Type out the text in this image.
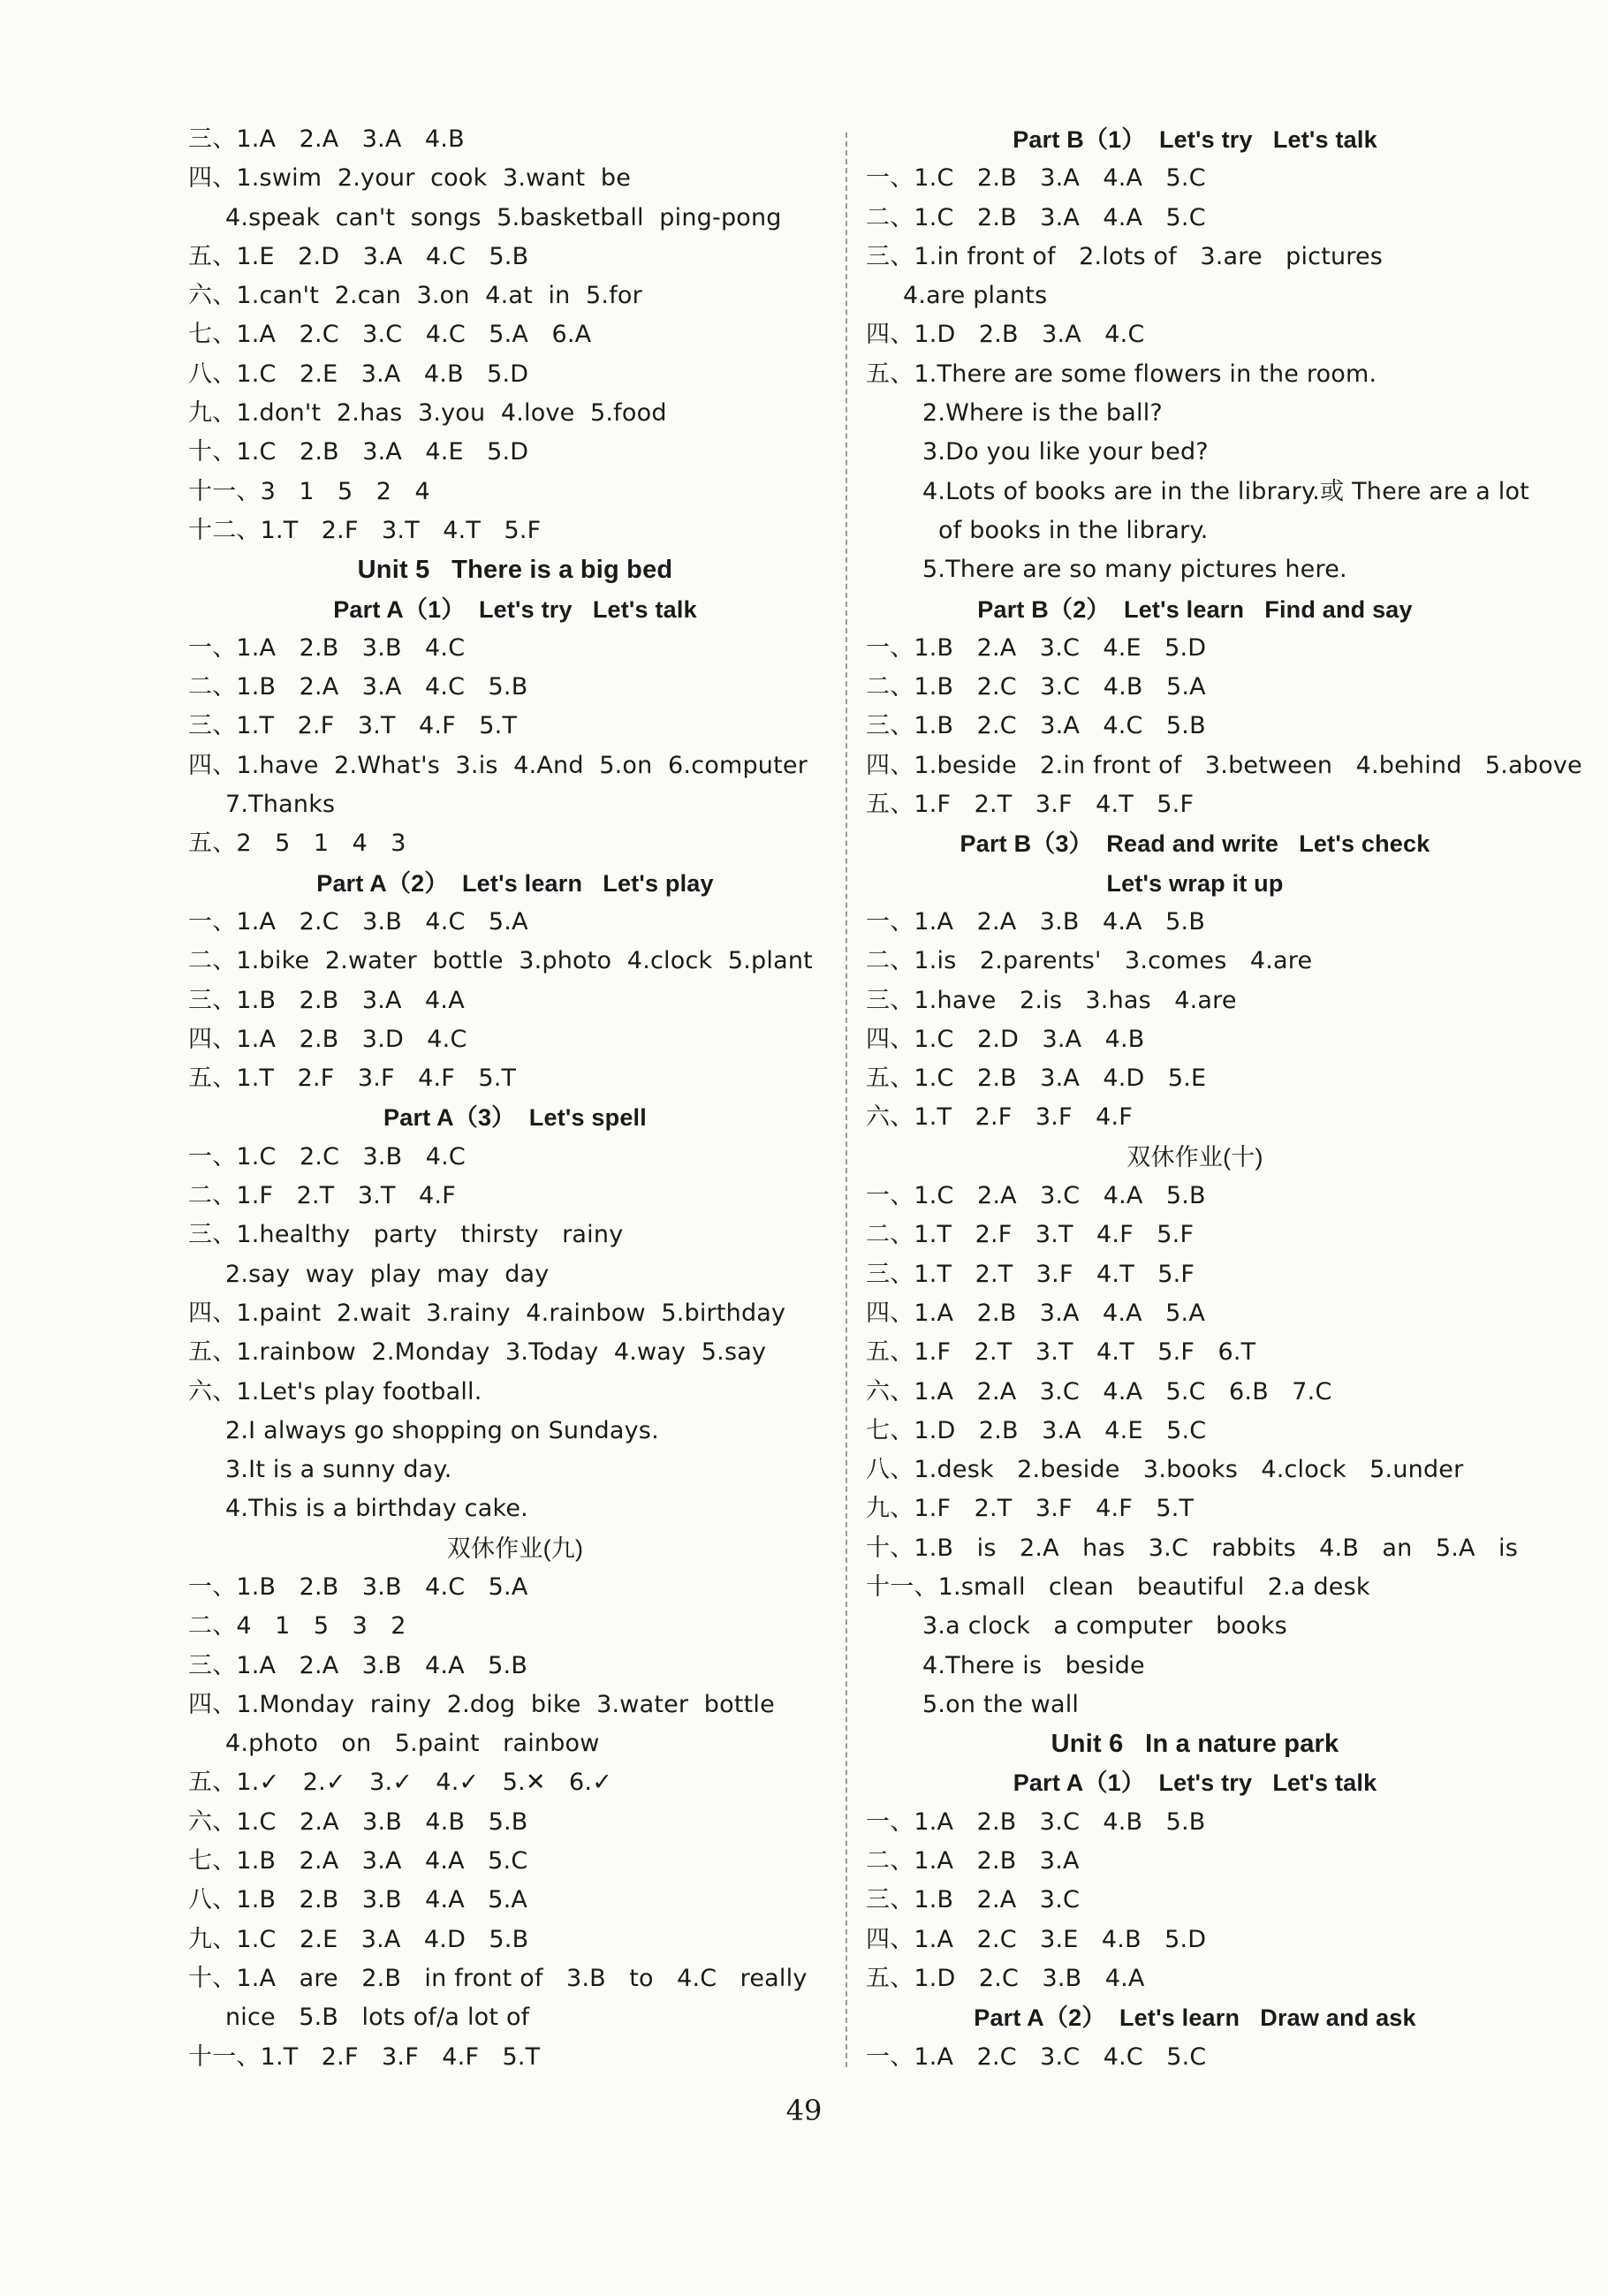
三、1.A   2.A   3.A   4.B
四、1.swim  2.your  cook  3.want  be
4.speak  can't  songs  5.basketball  ping-pong
五、1.E   2.D   3.A   4.C   5.B
六、1.can't  2.can  3.on  4.at  in  5.for
七、1.A   2.C   3.C   4.C   5.A   6.A
八、1.C   2.E   3.A   4.B   5.D
九、1.don't  2.has  3.you  4.love  5.food
十、1.C   2.B   3.A   4.E   5.D
十一、3   1   5   2   4
十二、1.T   2.F   3.T   4.T   5.F
Unit 5   There is a big bed
Part A（1）  Let's try   Let's talk
一、1.A   2.B   3.B   4.C
二、1.B   2.A   3.A   4.C   5.B
三、1.T   2.F   3.T   4.F   5.T
四、1.have  2.What's  3.is  4.And  5.on  6.computer
7.Thanks
五、2   5   1   4   3
Part A（2）  Let's learn   Let's play
一、1.A   2.C   3.B   4.C   5.A
二、1.bike  2.water  bottle  3.photo  4.clock  5.plant
三、1.B   2.B   3.A   4.A
四、1.A   2.B   3.D   4.C
五、1.T   2.F   3.F   4.F   5.T
Part A（3）  Let's spell
一、1.C   2.C   3.B   4.C
二、1.F   2.T   3.T   4.F
三、1.healthy   party   thirsty   rainy
2.say  way  play  may  day
四、1.paint  2.wait  3.rainy  4.rainbow  5.birthday
五、1.rainbow  2.Monday  3.Today  4.way  5.say
六、1.Let's play football.
2.I always go shopping on Sundays.
3.It is a sunny day.
4.This is a birthday cake.
双休作业(九)
一、1.B   2.B   3.B   4.C   5.A
二、4   1   5   3   2
三、1.A   2.A   3.B   4.A   5.B
四、1.Monday  rainy  2.dog  bike  3.water  bottle
4.photo   on   5.paint   rainbow
五、1.✓   2.✓   3.✓   4.✓   5.✕   6.✓
六、1.C   2.A   3.B   4.B   5.B
七、1.B   2.A   3.A   4.A   5.C
八、1.B   2.B   3.B   4.A   5.A
九、1.C   2.E   3.A   4.D   5.B
十、1.A   are   2.B   in front of   3.B   to   4.C   really
nice   5.B   lots of/a lot of
十一、1.T   2.F   3.F   4.F   5.T
Part B（1）  Let's try   Let's talk
一、1.C   2.B   3.A   4.A   5.C
二、1.C   2.B   3.A   4.A   5.C
三、1.in front of   2.lots of   3.are   pictures
4.are plants
四、1.D   2.B   3.A   4.C
五、1.There are some flowers in the room.
2.Where is the ball?
3.Do you like your bed?
4.Lots of books are in the library.或 There are a lot
of books in the library.
5.There are so many pictures here.
Part B（2）  Let's learn   Find and say
一、1.B   2.A   3.C   4.E   5.D
二、1.B   2.C   3.C   4.B   5.A
三、1.B   2.C   3.A   4.C   5.B
四、1.beside   2.in front of   3.between   4.behind   5.above
五、1.F   2.T   3.F   4.T   5.F
Part B（3）  Read and write   Let's check
Let's wrap it up
一、1.A   2.A   3.B   4.A   5.B
二、1.is   2.parents'   3.comes   4.are
三、1.have   2.is   3.has   4.are
四、1.C   2.D   3.A   4.B
五、1.C   2.B   3.A   4.D   5.E
六、1.T   2.F   3.F   4.F
双休作业(十)
一、1.C   2.A   3.C   4.A   5.B
二、1.T   2.F   3.T   4.F   5.F
三、1.T   2.T   3.F   4.T   5.F
四、1.A   2.B   3.A   4.A   5.A
五、1.F   2.T   3.T   4.T   5.F   6.T
六、1.A   2.A   3.C   4.A   5.C   6.B   7.C
七、1.D   2.B   3.A   4.E   5.C
八、1.desk   2.beside   3.books   4.clock   5.under
九、1.F   2.T   3.F   4.F   5.T
十、1.B   is   2.A   has   3.C   rabbits   4.B   an   5.A   is
十一、1.small   clean   beautiful   2.a desk
3.a clock   a computer   books
4.There is   beside
5.on the wall
Unit 6   In a nature park
Part A（1）  Let's try   Let's talk
一、1.A   2.B   3.C   4.B   5.B
二、1.A   2.B   3.A
三、1.B   2.A   3.C
四、1.A   2.C   3.E   4.B   5.D
五、1.D   2.C   3.B   4.A
Part A（2）  Let's learn   Draw and ask
一、1.A   2.C   3.C   4.C   5.C
49
